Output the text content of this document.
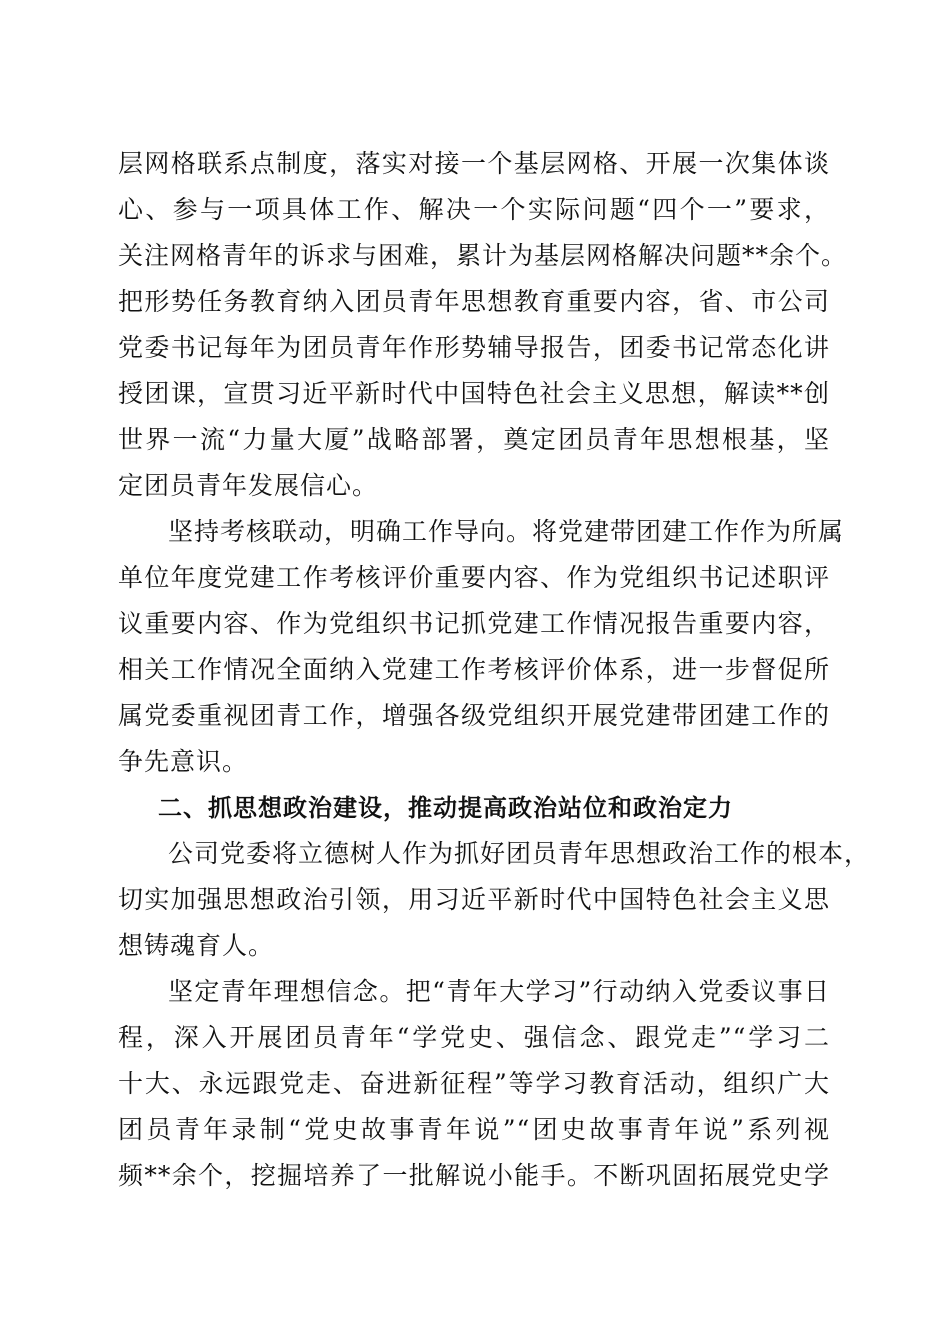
层网格联系点制度，落实对接一个基层网格、开展一次集体谈
心、参与一项具体工作、解决一个实际问题“四个一”要求，
关注网格青年的诉求与困难，累计为基层网格解决问题**余个。
把形势任务教育纳入团员青年思想教育重要内容，省、市公司
党委书记每年为团员青年作形势辅导报告，团委书记常态化讲
授团课，宣贯习近平新时代中国特色社会主义思想，解读**创
世界一流“力量大厦”战略部署，奠定团员青年思想根基，坚
定团员青年发展信心。
坚持考核联动，明确工作导向。将党建带团建工作作为所属
单位年度党建工作考核评价重要内容、作为党组织书记述职评
议重要内容、作为党组织书记抓党建工作情况报告重要内容，
相关工作情况全面纳入党建工作考核评价体系，进一步督促所
属党委重视团青工作，增强各级党组织开展党建带团建工作的
争先意识。
二、抓思想政治建设，推动提高政治站位和政治定力
公司党委将立德树人作为抓好团员青年思想政治工作的根本，
切实加强思想政治引领，用习近平新时代中国特色社会主义思
想铸魂育人。
坚定青年理想信念。把“青年大学习”行动纳入党委议事日
程，深入开展团员青年“学党史、强信念、跟党走”“学习二
十大、永远跟党走、奋进新征程”等学习教育活动，组织广大
团员青年录制“党史故事青年说”“团史故事青年说”系列视
频**余个，挖掘培养了一批解说小能手。不断巩固拓展党史学
